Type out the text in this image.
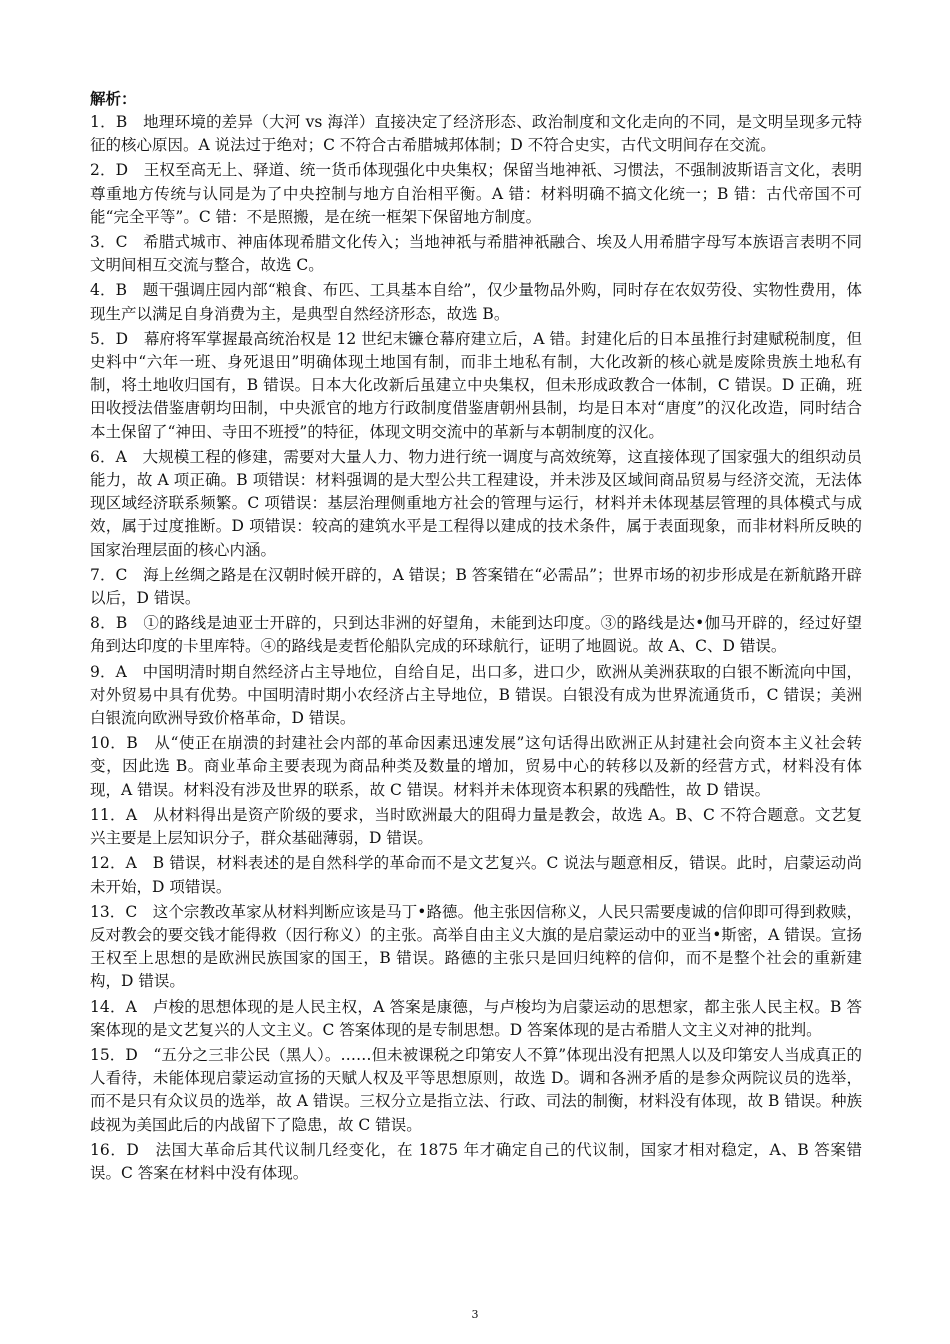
解析：

1．B　地理环境的差异（大河 vs 海洋）直接决定了经济形态、政治制度和文化走向的不同，是文明呈现多元特征的核心原因。A 说法过于绝对；C 不符合古希腊城邦体制；D 不符合史实，古代文明间存在交流。

2．D　王权至高无上、驿道、统一货币体现强化中央集权；保留当地神祇、习惯法，不强制波斯语言文化，表明尊重地方传统与认同是为了中央控制与地方自治相平衡。A 错：材料明确不搞文化统一；B 错：古代帝国不可能“完全平等”。C 错：不是照搬，是在统一框架下保留地方制度。

3．C　希腊式城市、神庙体现希腊文化传入；当地神祇与希腊神祇融合、埃及人用希腊字母写本族语言表明不同文明间相互交流与整合，故选 C。

4．B　题干强调庄园内部“粮食、布匹、工具基本自给”，仅少量物品外购，同时存在农奴劳役、实物性费用，体现生产以满足自身消费为主，是典型自然经济形态，故选 B。

5．D　幕府将军掌握最高统治权是 12 世纪末镰仓幕府建立后，A 错。封建化后的日本虽推行封建赋税制度，但史料中“六年一班、身死退田”明确体现土地国有制，而非土地私有制，大化改新的核心就是废除贵族土地私有制，将土地收归国有，B 错误。日本大化改新后虽建立中央集权，但未形成政教合一体制，C 错误。D 正确，班田收授法借鉴唐朝均田制，中央派官的地方行政制度借鉴唐朝州县制，均是日本对“唐度”的汉化改造，同时结合本土保留了“神田、寺田不班授”的特征，体现文明交流中的革新与本朝制度的汉化。

6．A　大规模工程的修建，需要对大量人力、物力进行统一调度与高效统筹，这直接体现了国家强大的组织动员能力，故 A 项正确。B 项错误：材料强调的是大型公共工程建设，并未涉及区域间商品贸易与经济交流，无法体现区域经济联系频繁。C 项错误：基层治理侧重地方社会的管理与运行，材料并未体现基层管理的具体模式与成效，属于过度推断。D 项错误：较高的建筑水平是工程得以建成的技术条件，属于表面现象，而非材料所反映的国家治理层面的核心内涵。

7．C　海上丝绸之路是在汉朝时候开辟的，A 错误；B 答案错在“必需品”；世界市场的初步形成是在新航路开辟以后，D 错误。

8．B　①的路线是迪亚士开辟的，只到达非洲的好望角，未能到达印度。③的路线是达•伽马开辟的，经过好望角到达印度的卡里库特。④的路线是麦哲伦船队完成的环球航行，证明了地圆说。故 A、C、D 错误。

9．A　中国明清时期自然经济占主导地位，自给自足，出口多，进口少，欧洲从美洲获取的白银不断流向中国，对外贸易中具有优势。中国明清时期小农经济占主导地位，B 错误。白银没有成为世界流通货币，C 错误；美洲白银流向欧洲导致价格革命，D 错误。

10．B　从“使正在崩溃的封建社会内部的革命因素迅速发展”这句话得出欧洲正从封建社会向资本主义社会转变，因此选 B。商业革命主要表现为商品种类及数量的增加，贸易中心的转移以及新的经营方式，材料没有体现，A 错误。材料没有涉及世界的联系，故 C 错误。材料并未体现资本积累的残酷性，故 D 错误。

11．A　从材料得出是资产阶级的要求，当时欧洲最大的阻碍力量是教会，故选 A。B、C 不符合题意。文艺复兴主要是上层知识分子，群众基础薄弱，D 错误。

12．A　B 错误，材料表述的是自然科学的革命而不是文艺复兴。C 说法与题意相反，错误。此时，启蒙运动尚未开始，D 项错误。

13．C　这个宗教改革家从材料判断应该是马丁•路德。他主张因信称义，人民只需要虔诚的信仰即可得到救赎，反对教会的要交钱才能得救（因行称义）的主张。高举自由主义大旗的是启蒙运动中的亚当•斯密，A 错误。宣扬王权至上思想的是欧洲民族国家的国王，B 错误。路德的主张只是回归纯粹的信仰，而不是整个社会的重新建构，D 错误。

14．A　卢梭的思想体现的是人民主权，A 答案是康德，与卢梭均为启蒙运动的思想家，都主张人民主权。B 答案体现的是文艺复兴的人文主义。C 答案体现的是专制思想。D 答案体现的是古希腊人文主义对神的批判。

15．D　“五分之三非公民（黑人）。……但未被课税之印第安人不算”体现出没有把黑人以及印第安人当成真正的人看待，未能体现启蒙运动宣扬的天赋人权及平等思想原则，故选 D。调和各洲矛盾的是参众两院议员的选举，而不是只有众议员的选举，故 A 错误。三权分立是指立法、行政、司法的制衡，材料没有体现，故 B 错误。种族歧视为美国此后的内战留下了隐患，故 C 错误。

16．D　法国大革命后其代议制几经变化，在 1875 年才确定自己的代议制，国家才相对稳定，A、B 答案错误。C 答案在材料中没有体现。

3
